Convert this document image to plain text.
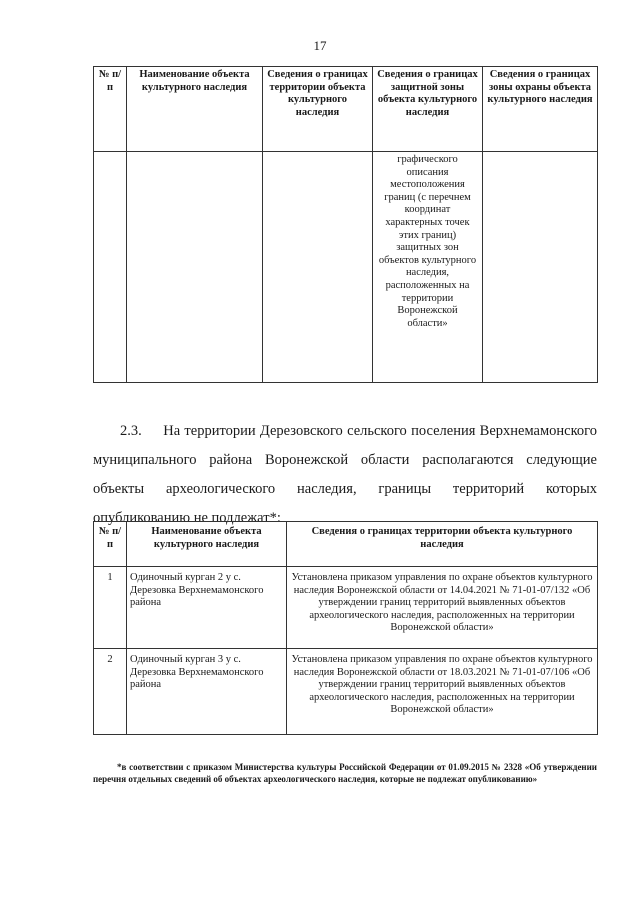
17
№ п/п	Наименование объекта культурного наследия	Сведения о границах территории объекта культурного наследия	Сведения о границах защитной зоны объекта культурного наследия	Сведения о границах зоны охраны объекта культурного наследия
			графического описания местоположения границ (с перечнем координат характерных точек этих границ) защитных зон объектов культурного наследия, расположенных на территории Воронежской области»	
2.3. На территории Дерезовского сельского поселения Верхнемамонского муниципального района Воронежской области располагаются следующие объекты археологического наследия, границы территорий которых опубликованию не подлежат*:
№ п/п	Наименование объекта культурного наследия	Сведения о границах территории объекта культурного наследия
1	Одиночный курган 2 у с. Дерезовка Верхнемамонского района	Установлена приказом управления по охране объектов культурного наследия Воронежской области от 14.04.2021 № 71-01-07/132 «Об утверждении границ территорий выявленных объектов археологического наследия, расположенных на территории Воронежской области»
2	Одиночный курган 3 у с. Дерезовка Верхнемамонского района	Установлена приказом управления по охране объектов культурного наследия Воронежской области от 18.03.2021 № 71-01-07/106 «Об утверждении границ территорий выявленных объектов археологического наследия, расположенных на территории Воронежской области»
*в соответствии с приказом Министерства культуры Российской Федерации от 01.09.2015 № 2328 «Об утверждении перечня отдельных сведений об объектах археологического наследия, которые не подлежат опубликованию»
